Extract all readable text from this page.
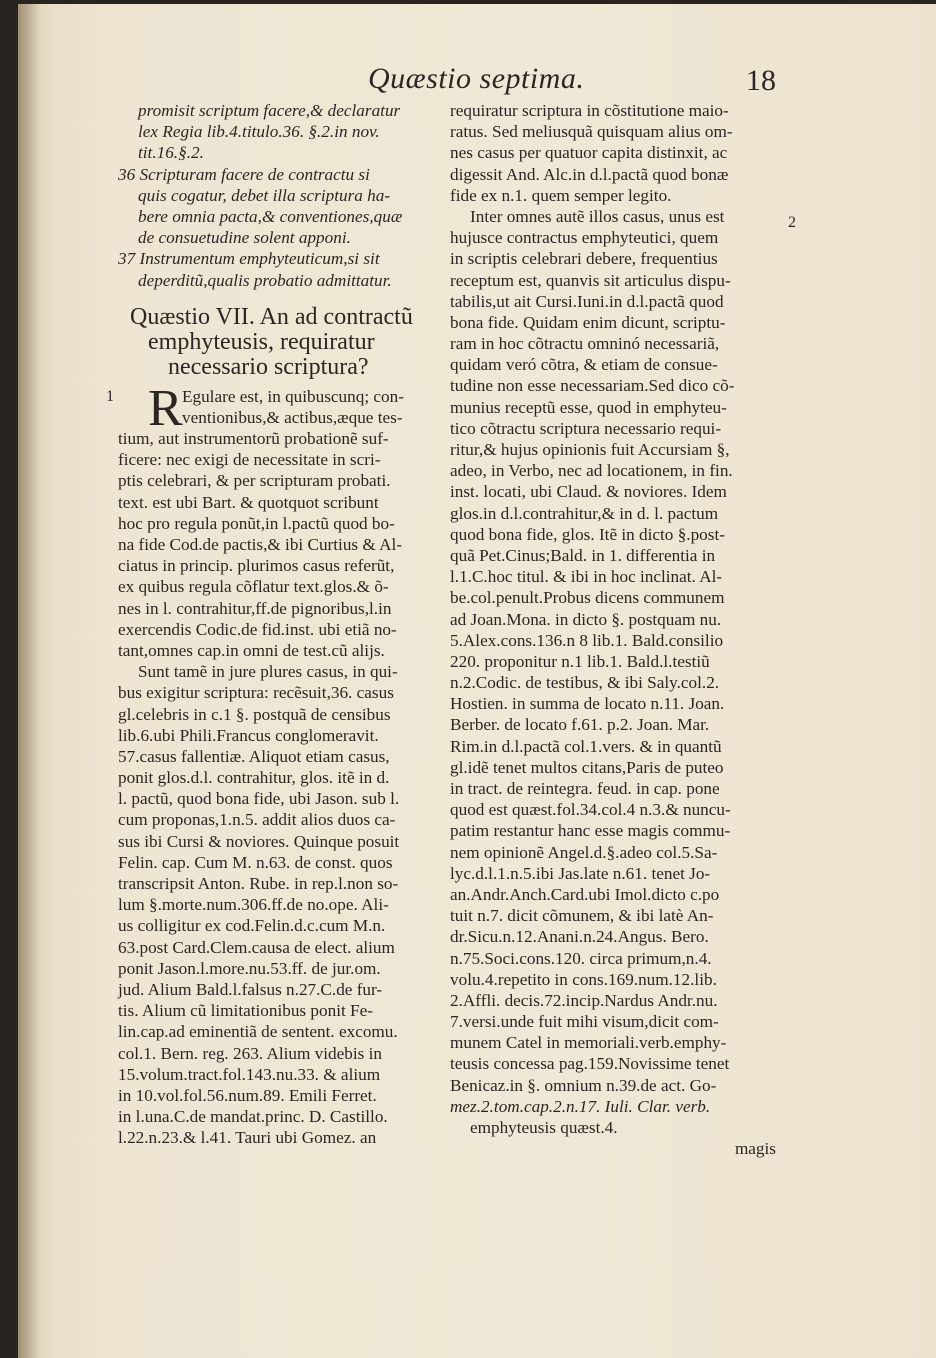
Quæstio septima.	18
promisit scriptum facere,& declaratur
lex Regia lib.4.titulo.36. §.2.in nov.
tit.16.§.2.
36 Scripturam facere de contractu si
quis cogatur, debet illa scriptura ha-
bere omnia pacta,& conventiones,quæ
de consuetudine solent apponi.
37 Instrumentum emphyteuticum,si sit
deperditũ,qualis probatio admittatur.
Quæstio VII. An ad contractũ
emphyteusis, requiratur
necessario scriptura?
1 R Egulare est, in quibuscunq; con-
ventionibus,& actibus,æque tes-
tium, aut instrumentorũ probationẽ suf-
ficere: nec exigi de necessitate in scri-
ptis celebrari, & per scripturam probati.
text. est ubi Bart. & quotquot scribunt
hoc pro regula ponũt,in l.pactũ quod bo-
na fide Cod.de pactis,& ibi Curtius & Al-
ciatus in princip. plurimos casus referũt,
ex quibus regula cõflatur text.glos.& õ-
nes in l. contrahitur,ff.de pignoribus,l.in
exercendis Codic.de fid.inst. ubi etiã no-
tant,omnes cap.in omni de test.cũ alijs.
Sunt tamẽ in jure plures casus, in qui-
bus exigitur scriptura: recẽsuit,36. casus
gl.celebris in c.1 §. postquã de censibus
lib.6.ubi Phili.Francus conglomeravit.
57.casus fallentiæ. Aliquot etiam casus,
ponit glos.d.l. contrahitur, glos. itẽ in d.
l. pactũ, quod bona fide, ubi Jason. sub l.
cum proponas,1.n.5. addit alios duos ca-
sus ibi Cursi & noviores. Quinque posuit
Felin. cap. Cum M. n.63. de const. quos
transcripsit Anton. Rube. in rep.l.non so-
lum §.morte.num.306.ff.de no.ope. Ali-
us colligitur ex cod.Felin.d.c.cum M.n.
63.post Card.Clem.causa de elect. alium
ponit Jason.l.more.nu.53.ff. de jur.om.
jud. Alium Bald.l.falsus n.27.C.de fur-
tis. Alium cũ limitationibus ponit Fe-
lin.cap.ad eminentiã de sentent. excomu.
col.1. Bern. reg. 263. Alium videbis in
15.volum.tract.fol.143.nu.33. & alium
in 10.vol.fol.56.num.89. Emili Ferret.
in l.una.C.de mandat.princ. D. Castillo.
l.22.n.23.& l.41. Tauri ubi Gomez. an
2
requiratur scriptura in cõstitutione maio-
ratus. Sed meliusquã quisquam alius om-
nes casus per quatuor capita distinxit, ac
digessit And. Alc.in d.l.pactã quod bonæ
fide ex n.1. quem semper legito.
Inter omnes autẽ illos casus, unus est
hujusce contractus emphyteutici, quem
in scriptis celebrari debere, frequentius
receptum est, quanvis sit articulus dispu-
tabilis,ut ait Cursi.Iuni.in d.l.pactã quod
bona fide. Quidam enim dicunt, scriptu-
ram in hoc cõtractu omninó necessariã,
quidam veró cõtra, & etiam de consue-
tudine non esse necessariam.Sed dico cõ-
munius receptũ esse, quod in emphyteu-
tico cõtractu scriptura necessario requi-
ritur,& hujus opinionis fuit Accursiam §,
adeo, in Verbo, nec ad locationem, in fin.
inst. locati, ubi Claud. & noviores. Idem
glos.in d.l.contrahitur,& in d. l. pactum
quod bona fide, glos. Itẽ in dicto §.post-
quã Pet.Cinus;Bald. in 1. differentia in
l.1.C.hoc titul. & ibi in hoc inclinat. Al-
be.col.penult.Probus dicens communem
ad Joan.Mona. in dicto §. postquam nu.
5.Alex.cons.136.n 8 lib.1. Bald.consilio
220. proponitur n.1 lib.1. Bald.l.testiũ
n.2.Codic. de testibus, & ibi Saly.col.2.
Hostien. in summa de locato n.11. Joan.
Berber. de locato f.61. p.2. Joan. Mar.
Rim.in d.l.pactã col.1.vers. & in quantũ
gl.idẽ tenet multos citans,Paris de puteo
in tract. de reintegra. feud. in cap. pone
quod est quæst.fol.34.col.4 n.3.& nuncu-
patim restantur hanc esse magis commu-
nem opinionẽ Angel.d.§.adeo col.5.Sa-
lyc.d.l.1.n.5.ibi Jas.late n.61. tenet Jo-
an.Andr.Anch.Card.ubi Imol.dicto c.po
tuit n.7. dicit cõmunem, & ibi latè An-
dr.Sicu.n.12.Anani.n.24.Angus. Bero.
n.75.Soci.cons.120. circa primum,n.4.
volu.4.repetito in cons.169.num.12.lib.
2.Affli. decis.72.incip.Nardus Andr.nu.
7.versi.unde fuit mihi visum,dicit com-
munem Catel in memoriali.verb.emphy-
teusis concessa pag.159.Novissime tenet
Benicaz.in §. omnium n.39.de act. Go-
mez.2.tom.cap.2.n.17. Iuli. Clar. verb.
emphyteusis quæst.4.
magis
